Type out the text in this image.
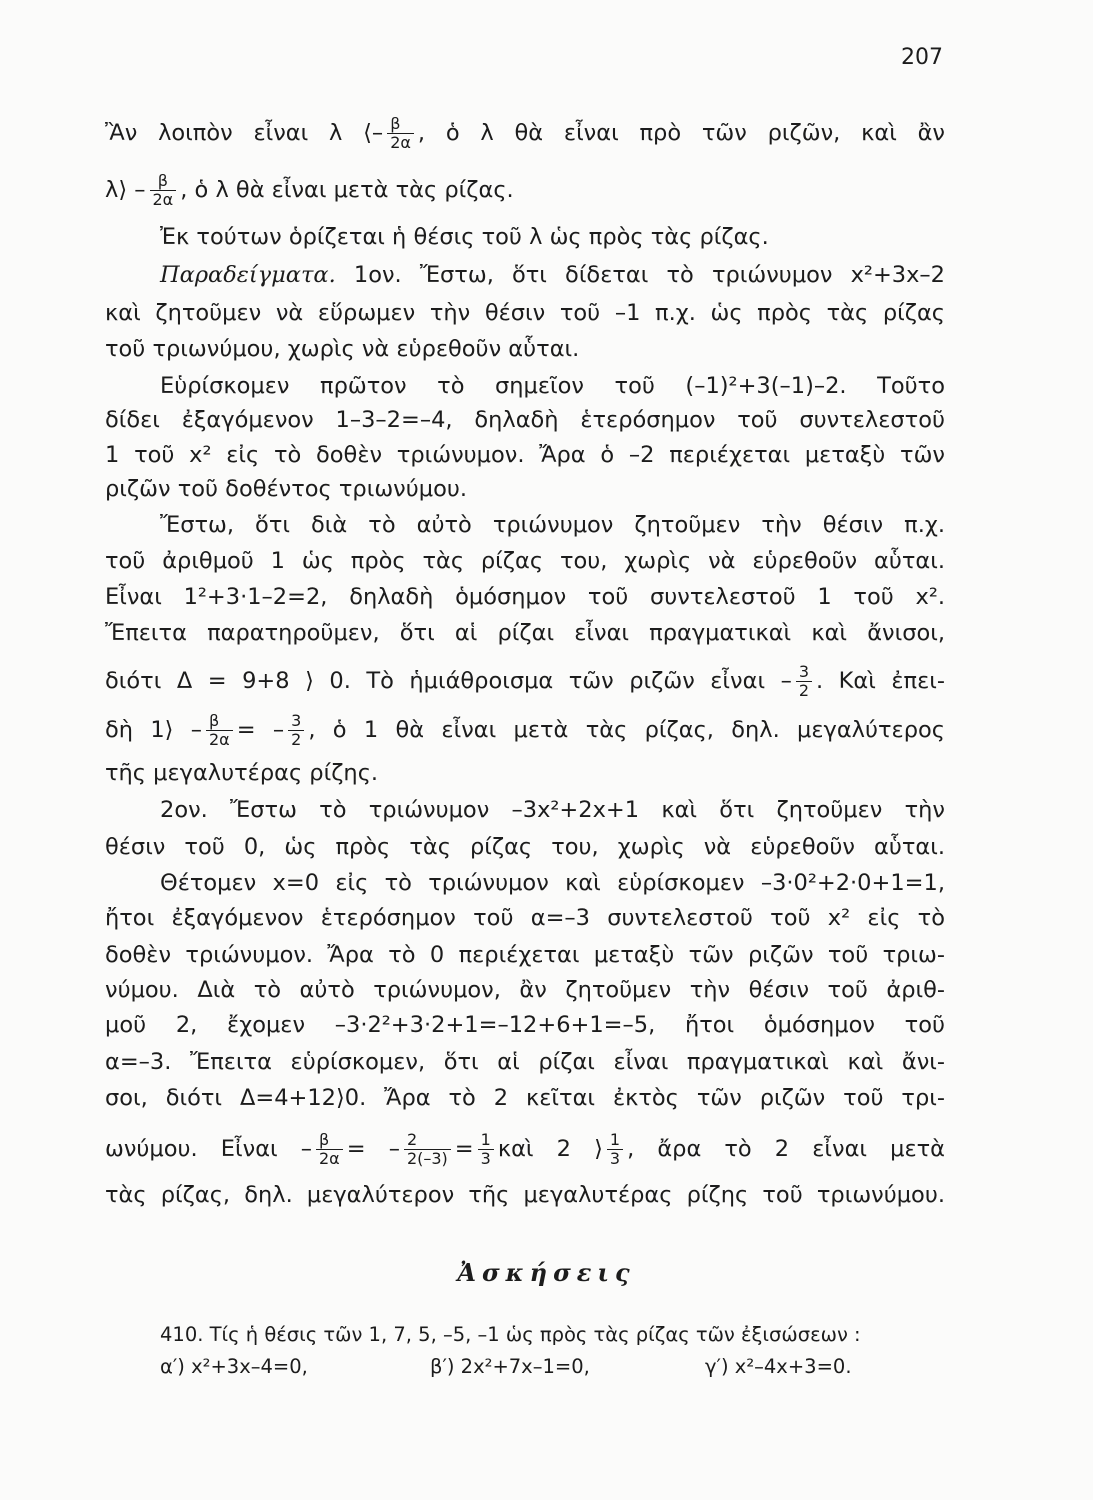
207
Ἂν λοιπὸν εἶναι λ ⟨– $\frac{\beta}{2\alpha}$ , ὁ λ θὰ εἶναι πρὸ τῶν ριζῶν, καὶ ἂν
λ⟩ – $\frac{\beta}{2\alpha}$ , ὁ λ θὰ εἶναι μετὰ τὰς ρίζας.
Ἐκ τούτων ὁρίζεται ἡ θέσις τοῦ λ ὡς πρὸς τὰς ρίζας.
Παραδείγματα. 1ον. Ἔστω, ὅτι δίδεται τὸ τριώνυμον x²+3x–2
καὶ ζητοῦμεν νὰ εὕρωμεν τὴν θέσιν τοῦ –1 π.χ. ὡς πρὸς τὰς ρίζας
τοῦ τριωνύμου, χωρὶς νὰ εὑρεθοῦν αὗται.
Εὑρίσκομεν πρῶτον τὸ σημεῖον τοῦ (–1)²+3(–1)–2. Τοῦτο
δίδει ἐξαγόμενον 1–3–2=–4, δηλαδὴ ἑτερόσημον τοῦ συντελεστοῦ
1 τοῦ x² εἰς τὸ δοθὲν τριώνυμον. Ἄρα ὁ –2 περιέχεται μεταξὺ τῶν
ριζῶν τοῦ δοθέντος τριωνύμου.
Ἔστω, ὅτι διὰ τὸ αὐτὸ τριώνυμον ζητοῦμεν τὴν θέσιν π.χ.
τοῦ ἀριθμοῦ 1 ὡς πρὸς τὰς ρίζας του, χωρὶς νὰ εὑρεθοῦν αὗται.
Εἶναι 1²+3·1–2=2, δηλαδὴ ὁμόσημον τοῦ συντελεστοῦ 1 τοῦ x².
Ἔπειτα παρατηροῦμεν, ὅτι αἱ ρίζαι εἶναι πραγματικαὶ καὶ ἄνισοι,
διότι Δ = 9+8 ⟩ 0. Τὸ ἡμιάθροισμα τῶν ριζῶν εἶναι – $\frac{3}{2}$ . Καὶ ἐπει-
δὴ 1⟩ – $\frac{\beta}{2\alpha}$ = – $\frac{3}{2}$ , ὁ 1 θὰ εἶναι μετὰ τὰς ρίζας, δηλ. μεγαλύτερος
τῆς μεγαλυτέρας ρίζης.
2ον. Ἔστω τὸ τριώνυμον –3x²+2x+1 καὶ ὅτι ζητοῦμεν τὴν
θέσιν τοῦ 0, ὡς πρὸς τὰς ρίζας του, χωρὶς νὰ εὑρεθοῦν αὗται.
Θέτομεν x=0 εἰς τὸ τριώνυμον καὶ εὑρίσκομεν –3·0²+2·0+1=1,
ἤτοι ἐξαγόμενον ἑτερόσημον τοῦ α=–3 συντελεστοῦ τοῦ x² εἰς τὸ
δοθὲν τριώνυμον. Ἄρα τὸ 0 περιέχεται μεταξὺ τῶν ριζῶν τοῦ τριω-
νύμου. Διὰ τὸ αὐτὸ τριώνυμον, ἂν ζητοῦμεν τὴν θέσιν τοῦ ἀριθ-
μοῦ 2, ἔχομεν –3·2²+3·2+1=–12+6+1=–5, ἤτοι ὁμόσημον τοῦ
α=–3. Ἔπειτα εὑρίσκομεν, ὅτι αἱ ρίζαι εἶναι πραγματικαὶ καὶ ἄνι-
σοι, διότι Δ=4+12⟩0. Ἄρα τὸ 2 κεῖται ἐκτὸς τῶν ριζῶν τοῦ τρι-
ωνύμου. Εἶναι – $\frac{\beta}{2\alpha}$ = – $\frac{2}{2(-3)} = \frac{1}{3}$ καὶ 2 ⟩ $\frac{1}{3}$ , ἄρα τὸ 2 εἶναι μετὰ
τὰς ρίζας, δηλ. μεγαλύτερον τῆς μεγαλυτέρας ρίζης τοῦ τριωνύμου.
Ἀσκήσεις
410. Τίς ἡ θέσις τῶν 1, 7, 5, –5, –1 ὡς πρὸς τὰς ρίζας τῶν ἐξισώσεων :
α′) x²+3x–4=0,	β′) 2x²+7x–1=0,	γ′) x²–4x+3=0.
